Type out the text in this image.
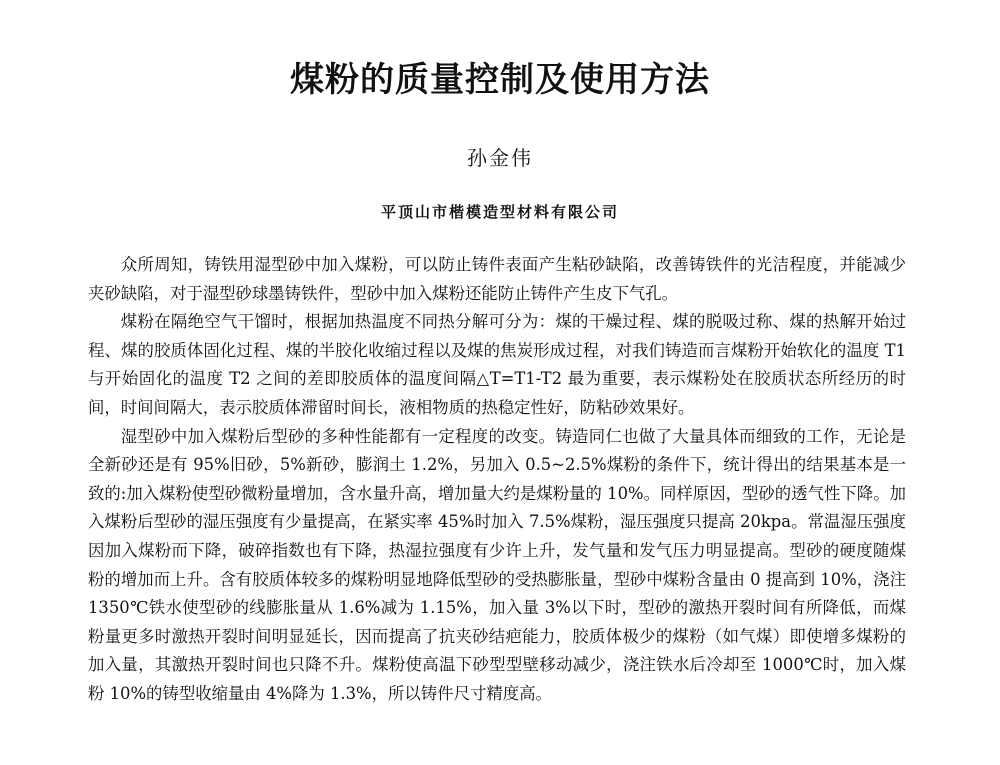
煤粉的质量控制及使用方法
孙金伟
平顶山市楷模造型材料有限公司

众所周知，铸铁用湿型砂中加入煤粉，可以防止铸件表面产生粘砂缺陷，改善铸铁件的光洁程度，并能减少夹砂缺陷，对于湿型砂球墨铸铁件，型砂中加入煤粉还能防止铸件产生皮下气孔。

煤粉在隔绝空气干馏时，根据加热温度不同热分解可分为：煤的干燥过程、煤的脱吸过称、煤的热解开始过程、煤的胶质体固化过程、煤的半胶化收缩过程以及煤的焦炭形成过程，对我们铸造而言煤粉开始软化的温度 T1 与开始固化的温度 T2 之间的差即胶质体的温度间隔△T=T1-T2 最为重要，表示煤粉处在胶质状态所经历的时间，时间间隔大，表示胶质体滞留时间长，液相物质的热稳定性好，防粘砂效果好。

湿型砂中加入煤粉后型砂的多种性能都有一定程度的改变。铸造同仁也做了大量具体而细致的工作，无论是全新砂还是有 95%旧砂，5%新砂，膨润土 1.2%，另加入 0.5~2.5%煤粉的条件下，统计得出的结果基本是一致的:加入煤粉使型砂微粉量增加，含水量升高，增加量大约是煤粉量的 10%。同样原因，型砂的透气性下降。加入煤粉后型砂的湿压强度有少量提高，在紧实率 45%时加入 7.5%煤粉，湿压强度只提高 20kpa。常温湿压强度因加入煤粉而下降，破碎指数也有下降，热湿拉强度有少许上升，发气量和发气压力明显提高。型砂的硬度随煤粉的增加而上升。含有胶质体较多的煤粉明显地降低型砂的受热膨胀量，型砂中煤粉含量由 0 提高到 10%，浇注 1350℃铁水使型砂的线膨胀量从 1.6%减为 1.15%，加入量 3%以下时，型砂的激热开裂时间有所降低，而煤粉量更多时激热开裂时间明显延长，因而提高了抗夹砂结疤能力，胶质体极少的煤粉（如气煤）即使增多煤粉的加入量，其激热开裂时间也只降不升。煤粉使高温下砂型型壁移动减少，浇注铁水后冷却至 1000℃时，加入煤粉 10%的铸型收缩量由 4%降为 1.3%，所以铸件尺寸精度高。
